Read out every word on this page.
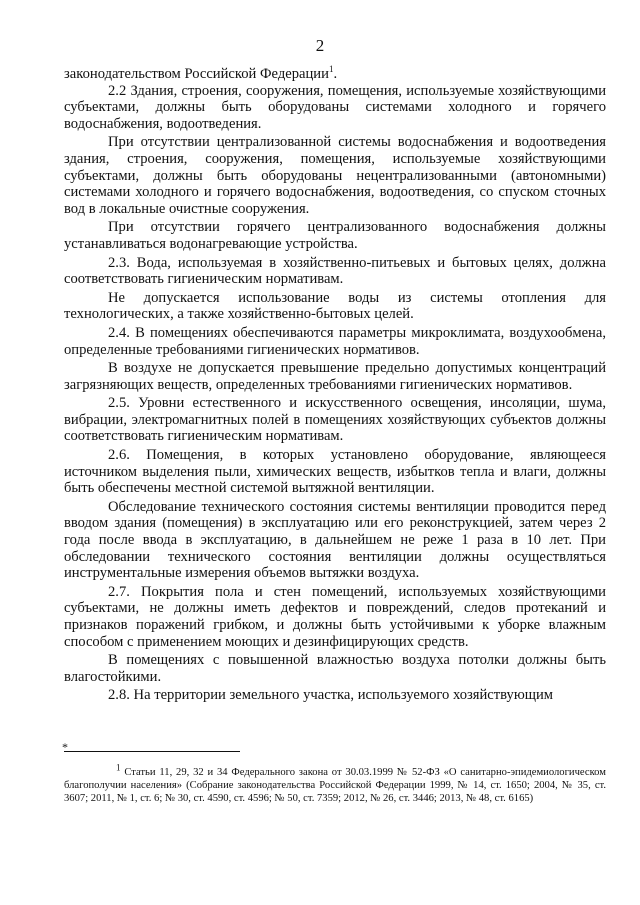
2

законодательством Российской Федерации$^1$.

2.2 Здания, строения, сооружения, помещения, используемые хозяйствующими субъектами, должны быть оборудованы системами холодного и горячего водоснабжения, водоотведения.

При отсутствии централизованной системы водоснабжения и водоотведения здания, строения, сооружения, помещения, используемые хозяйствующими субъектами, должны быть оборудованы нецентрализованными (автономными) системами холодного и горячего водоснабжения, водоотведения, со спуском сточных вод в локальные очистные сооружения.

При отсутствии горячего централизованного водоснабжения должны устанавливаться водонагревающие устройства.

2.3. Вода, используемая в хозяйственно-питьевых и бытовых целях, должна соответствовать гигиеническим нормативам.

Не допускается использование воды из системы отопления для технологических, а также хозяйственно-бытовых целей.

2.4. В помещениях обеспечиваются параметры микроклимата, воздухообмена, определенные требованиями гигиенических нормативов.

В воздухе не допускается превышение предельно допустимых концентраций загрязняющих веществ, определенных требованиями гигиенических нормативов.

2.5. Уровни естественного и искусственного освещения, инсоляции, шума, вибрации, электромагнитных полей в помещениях хозяйствующих субъектов должны соответствовать гигиеническим нормативам.

2.6. Помещения, в которых установлено оборудование, являющееся источником выделения пыли, химических веществ, избытков тепла и влаги, должны быть обеспечены местной системой вытяжной вентиляции.

Обследование технического состояния системы вентиляции проводится перед вводом здания (помещения) в эксплуатацию или его реконструкцией, затем через 2 года после ввода в эксплуатацию, в дальнейшем не реже 1 раза в 10 лет. При обследовании технического состояния вентиляции должны осуществляться инструментальные измерения объемов вытяжки воздуха.

2.7. Покрытия пола и стен помещений, используемых хозяйствующими субъектами, не должны иметь дефектов и повреждений, следов протеканий и признаков поражений грибком, и должны быть устойчивыми к уборке влажным способом с применением моющих и дезинфицирующих средств.

В помещениях с повышенной влажностью воздуха потолки должны быть влагостойкими.

2.8. На территории земельного участка, используемого хозяйствующим

*
$^1$ Статьи 11, 29, 32 и 34 Федерального закона от 30.03.1999 № 52-ФЗ «О санитарно-эпидемиологическом благополучии населения» (Собрание законодательства Российской Федерации 1999, № 14, ст. 1650; 2004, № 35, ст. 3607; 2011, № 1, ст. 6; № 30, ст. 4590, ст. 4596; № 50, ст. 7359; 2012, № 26, ст. 3446; 2013, № 48, ст. 6165)
